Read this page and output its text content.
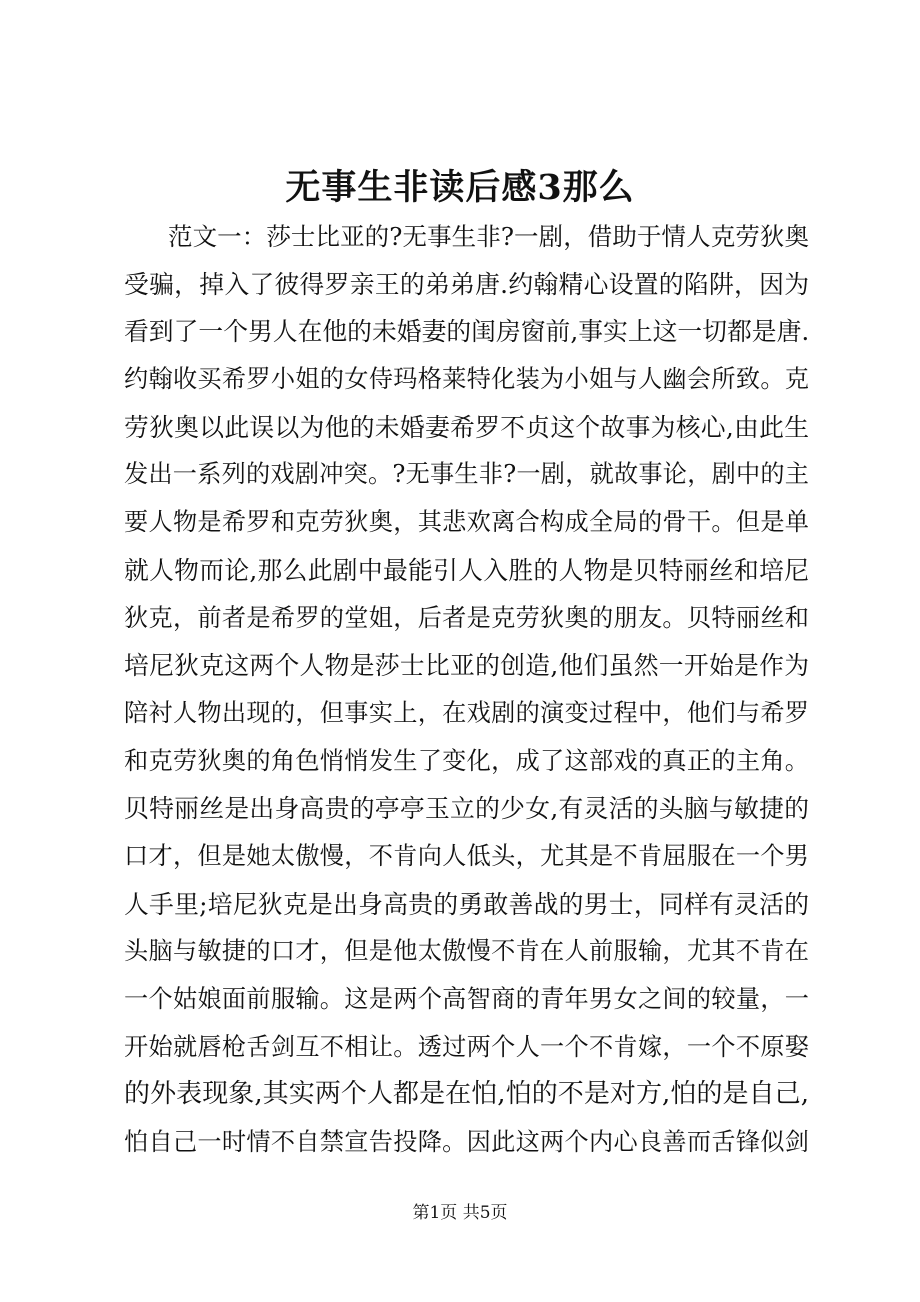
无事生非读后感3那么
范文一：莎士比亚的?无事生非?一剧，借助于情人克劳狄奥
受骗，掉入了彼得罗亲王的弟弟唐.约翰精心设置的陷阱，因为
看到了一个男人在他的未婚妻的闺房窗前,事实上这一切都是唐.
约翰收买希罗小姐的女侍玛格莱特化装为小姐与人幽会所致。克
劳狄奥以此误以为他的未婚妻希罗不贞这个故事为核心,由此生
发出一系列的戏剧冲突。?无事生非?一剧，就故事论，剧中的主
要人物是希罗和克劳狄奥，其悲欢离合构成全局的骨干。但是单
就人物而论,那么此剧中最能引人入胜的人物是贝特丽丝和培尼
狄克，前者是希罗的堂姐，后者是克劳狄奥的朋友。贝特丽丝和
培尼狄克这两个人物是莎士比亚的创造,他们虽然一开始是作为
陪衬人物出现的，但事实上，在戏剧的演变过程中，他们与希罗
和克劳狄奥的角色悄悄发生了变化，成了这部戏的真正的主角。
贝特丽丝是出身高贵的亭亭玉立的少女,有灵活的头脑与敏捷的
口才，但是她太傲慢，不肯向人低头，尤其是不肯屈服在一个男
人手里;培尼狄克是出身高贵的勇敢善战的男士，同样有灵活的
头脑与敏捷的口才，但是他太傲慢不肯在人前服输，尤其不肯在
一个姑娘面前服输。这是两个高智商的青年男女之间的较量，一
开始就唇枪舌剑互不相让。透过两个人一个不肯嫁，一个不原娶
的外表现象,其实两个人都是在怕,怕的不是对方,怕的是自己,
怕自己一时情不自禁宣告投降。因此这两个内心良善而舌锋似剑
第1页 共5页
